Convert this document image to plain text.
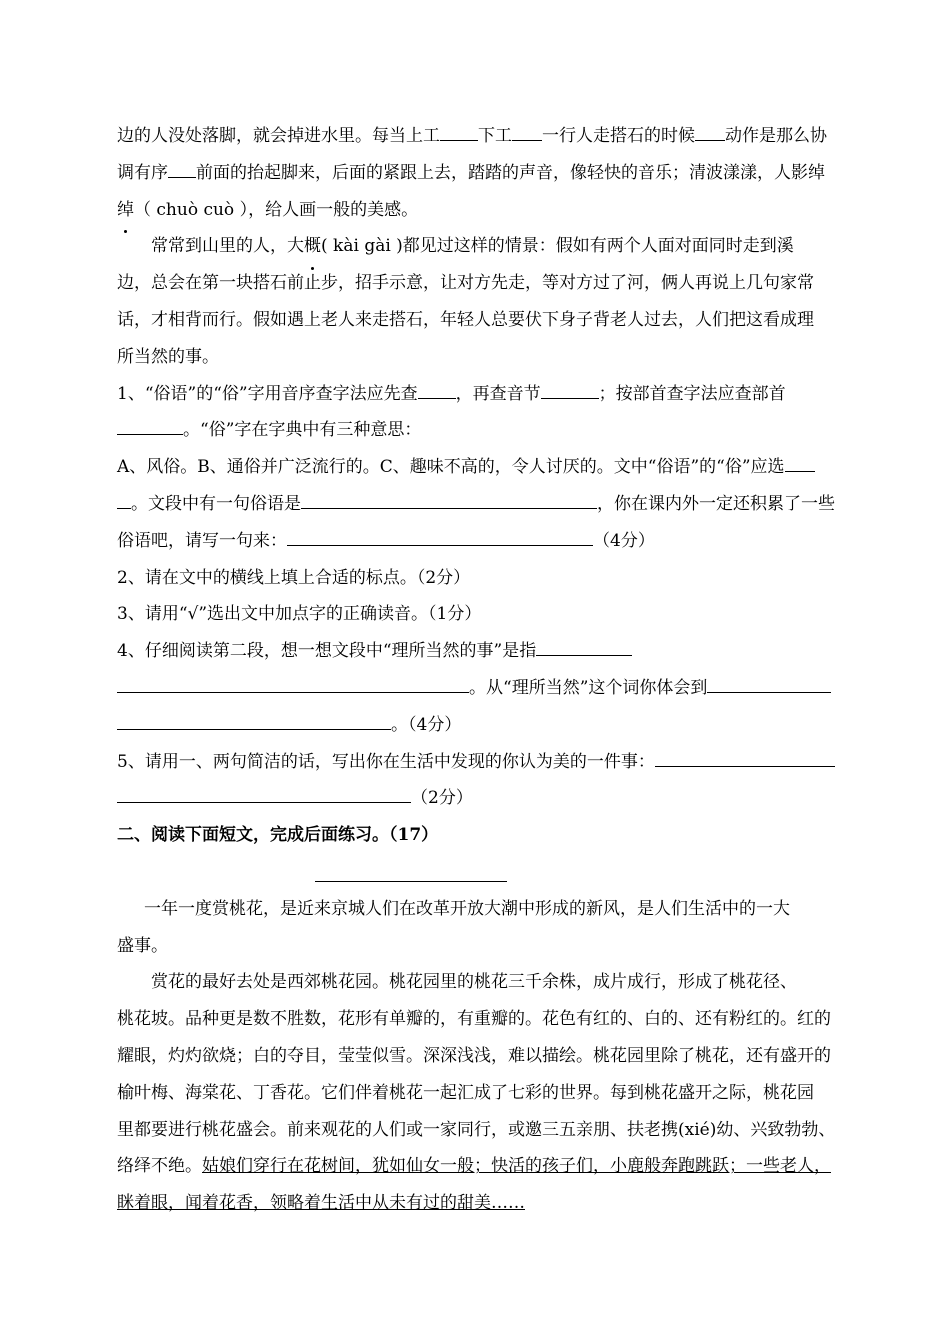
边的人没处落脚，就会掉进水里。每当上工 下工 一行人走搭石的时候 动作是那么协
调有序 前面的抬起脚来，后面的紧跟上去，踏踏的声音，像轻快的音乐；清波漾漾，人影绰
绰（ chuò cuò ），给人画一般的美感。
常常到山里的人，大概( kài gài )都见过这样的情景：假如有两个人面对面同时走到溪
边，总会在第一块搭石前止步，招手示意，让对方先走，等对方过了河，俩人再说上几句家常
话，才相背而行。假如遇上老人来走搭石，年轻人总要伏下身子背老人过去，人们把这看成理
所当然的事。
1、“俗语”的“俗”字用音序查字法应先查 ，再查音节	；按部首查字法应查部首
。“俗”字在字典中有三种意思：
A、风俗。B、通俗并广泛流行的。C、趣味不高的，令人讨厌的。文中“俗语”的“俗”应选
。文段中有一句俗语是	，你在课内外一定还积累了一些
俗语吧，请写一句来：	（4分）
2、请在文中的横线上填上合适的标点。（2分）
3、请用“√”选出文中加点字的正确读音。（1分）
4、仔细阅读第二段，想一想文段中“理所当然的事”是指
。从“理所当然”这个词你体会到
。（4分）
5、请用一、两句简洁的话，写出你在生活中发现的你认为美的一件事：
（2分）
二、阅读下面短文，完成后面练习。（17）
一年一度赏桃花，是近来京城人们在改革开放大潮中形成的新风，是人们生活中的一大
盛事。
赏花的最好去处是西郊桃花园。桃花园里的桃花三千余株，成片成行，形成了桃花径、
桃花坡。品种更是数不胜数，花形有单瓣的，有重瓣的。花色有红的、白的、还有粉红的。红的
耀眼，灼灼欲烧；白的夺目，莹莹似雪。深深浅浅，难以描绘。桃花园里除了桃花，还有盛开的
榆叶梅、海棠花、丁香花。它们伴着桃花一起汇成了七彩的世界。每到桃花盛开之际，桃花园
里都要进行桃花盛会。前来观花的人们或一家同行，或邀三五亲朋、扶老携(xié)幼、兴致勃勃、
络绎不绝。姑娘们穿行在花树间，犹如仙女一般；快活的孩子们，小鹿般奔跑跳跃；一些老人，
眯着眼，闻着花香，领略着生活中从未有过的甜美……
